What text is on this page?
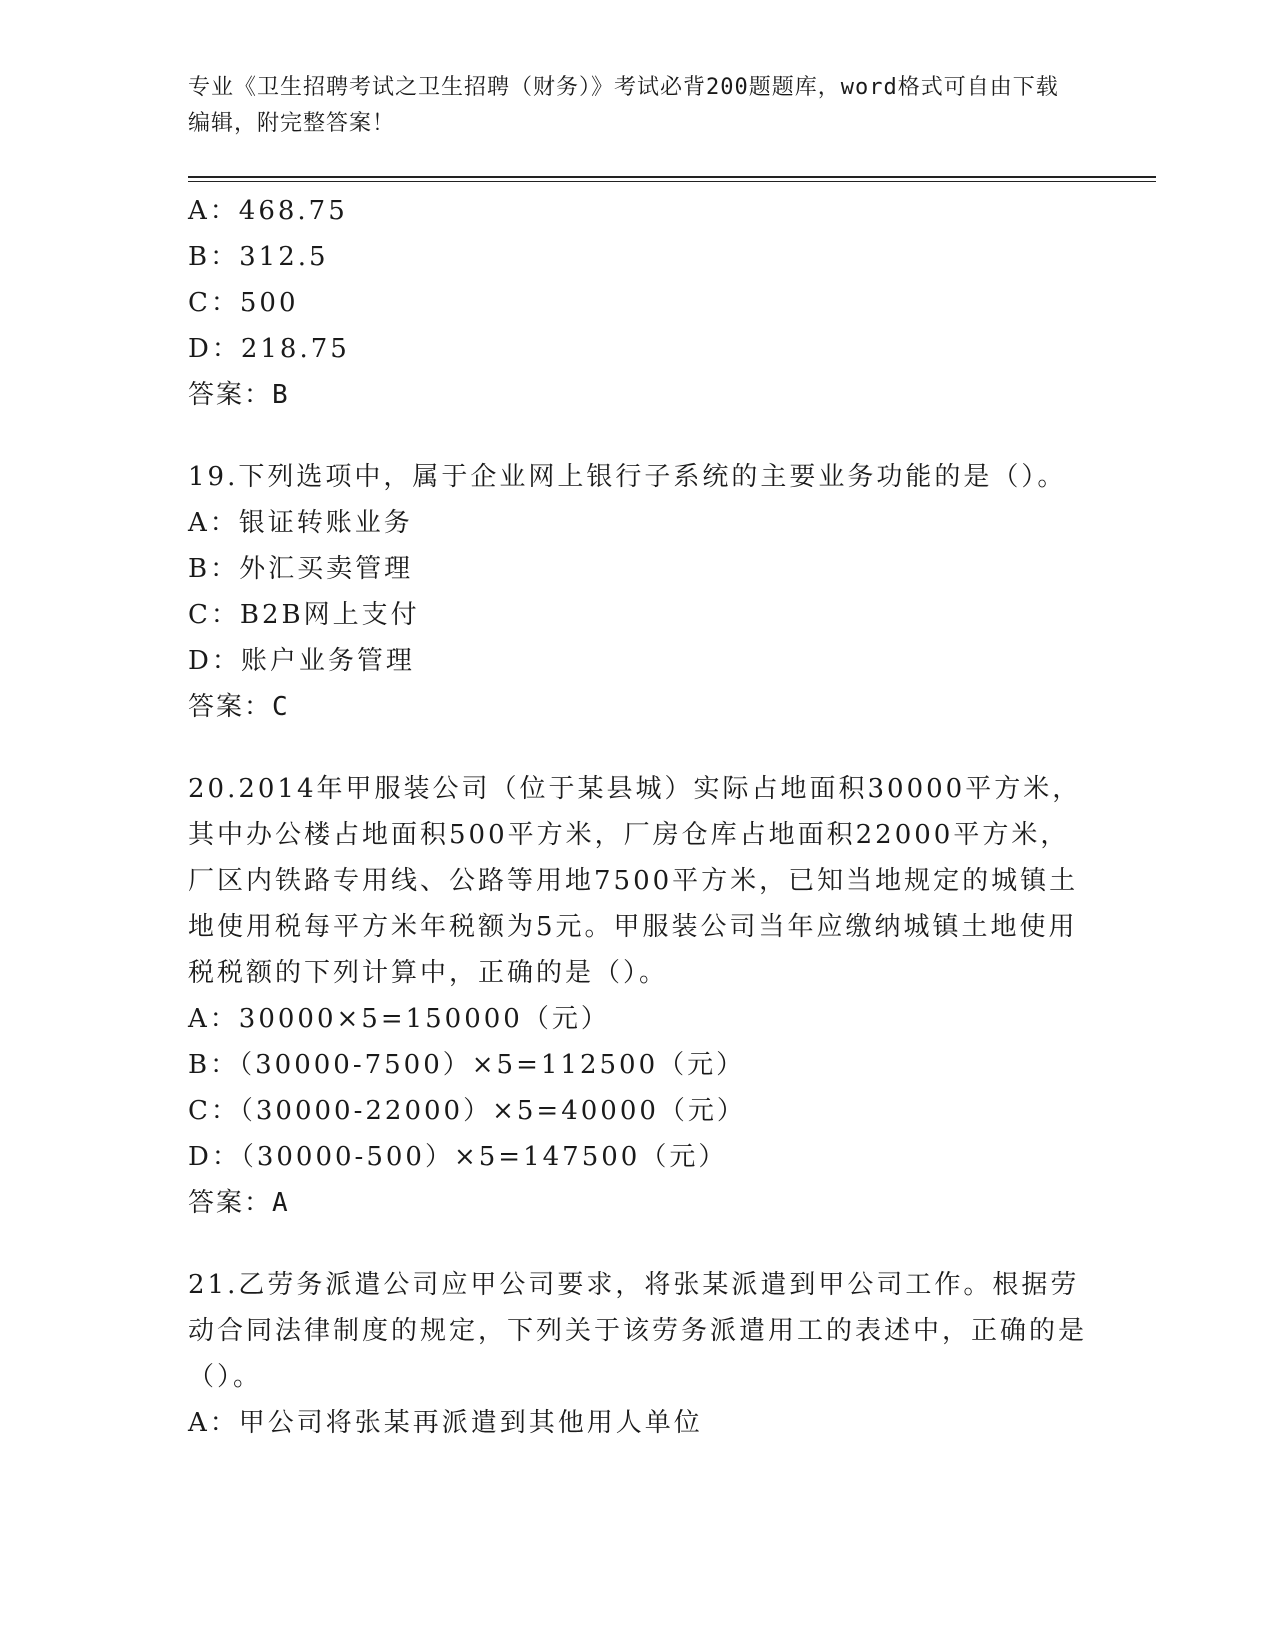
专业《卫生招聘考试之卫生招聘（财务）》考试必背200题题库，word格式可自由下载编辑，附完整答案！
A：468.75
B：312.5
C：500
D：218.75
答案：B
19.下列选项中，属于企业网上银行子系统的主要业务功能的是（）。
A：银证转账业务
B：外汇买卖管理
C：B2B网上支付
D：账户业务管理
答案：C
20.2014年甲服装公司（位于某县城）实际占地面积30000平方米，其中办公楼占地面积500平方米，厂房仓库占地面积22000平方米，厂区内铁路专用线、公路等用地7500平方米，已知当地规定的城镇土地使用税每平方米年税额为5元。甲服装公司当年应缴纳城镇土地使用税税额的下列计算中，正确的是（）。
A：30000×5=150000（元）
B：（30000-7500）×5=112500（元）
C：（30000-22000）×5=40000（元）
D：（30000-500）×5=147500（元）
答案：A
21.乙劳务派遣公司应甲公司要求，将张某派遣到甲公司工作。根据劳动合同法律制度的规定，下列关于该劳务派遣用工的表述中，正确的是（）。
A：甲公司将张某再派遣到其他用人单位
